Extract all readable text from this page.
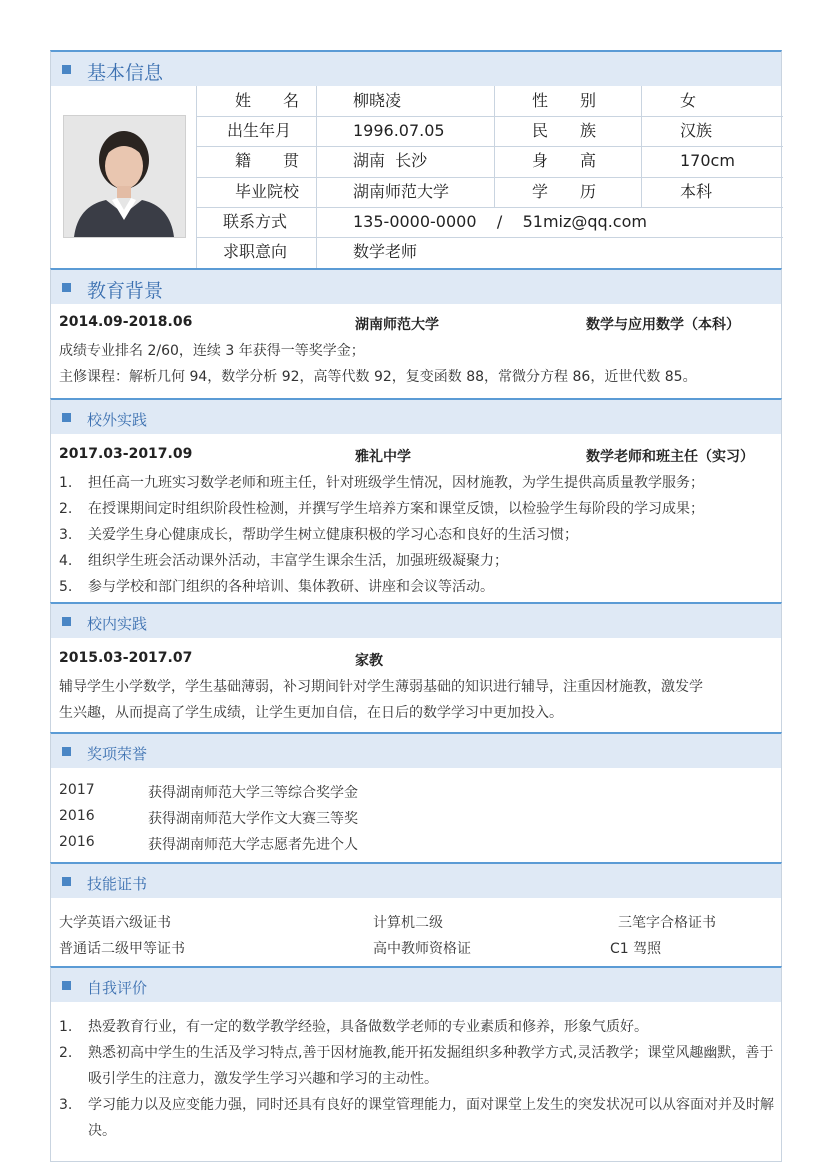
基本信息
姓　　名	柳晓凌	性　　别	女
出生年月	1996.07.05	民　　族	汉族
籍　　贯	湖南  长沙	身　　高	170cm
毕业院校	湖南师范大学	学　　历	本科
联系方式	135-0000-0000    /    51miz@qq.com
求职意向	数学老师
教育背景
2014.09-2018.06	湖南师范大学	数学与应用数学（本科）
成绩专业排名 2/60，连续 3 年获得一等奖学金；
主修课程：解析几何 94，数学分析 92，高等代数 92，复变函数 88，常微分方程 86，近世代数 85。
校外实践
2017.03-2017.09	雅礼中学	数学老师和班主任（实习）
1. 担任高一九班实习数学老师和班主任，针对班级学生情况，因材施教，为学生提供高质量教学服务；
2. 在授课期间定时组织阶段性检测，并撰写学生培养方案和课堂反馈，以检验学生每阶段的学习成果；
3. 关爱学生身心健康成长，帮助学生树立健康积极的学习心态和良好的生活习惯；
4. 组织学生班会活动课外活动，丰富学生课余生活，加强班级凝聚力；
5. 参与学校和部门组织的各种培训、集体教研、讲座和会议等活动。
校内实践
2015.03-2017.07	家教
辅导学生小学数学，学生基础薄弱，补习期间针对学生薄弱基础的知识进行辅导，注重因材施教，激发学
生兴趣，从而提高了学生成绩，让学生更加自信，在日后的数学学习中更加投入。
奖项荣誉
2017	获得湖南师范大学三等综合奖学金
2016	获得湖南师范大学作文大赛三等奖
2016	获得湖南师范大学志愿者先进个人
技能证书
大学英语六级证书	计算机二级	三笔字合格证书
普通话二级甲等证书	高中教师资格证	C1 驾照
自我评价
1. 热爱教育行业，有一定的数学教学经验，具备做数学老师的专业素质和修养，形象气质好。
2. 熟悉初高中学生的生活及学习特点,善于因材施教,能开拓发掘组织多种教学方式,灵活教学；课堂风趣幽默，善于吸引学生的注意力，激发学生学习兴趣和学习的主动性。
3. 学习能力以及应变能力强，同时还具有良好的课堂管理能力，面对课堂上发生的突发状况可以从容面对并及时解决。
